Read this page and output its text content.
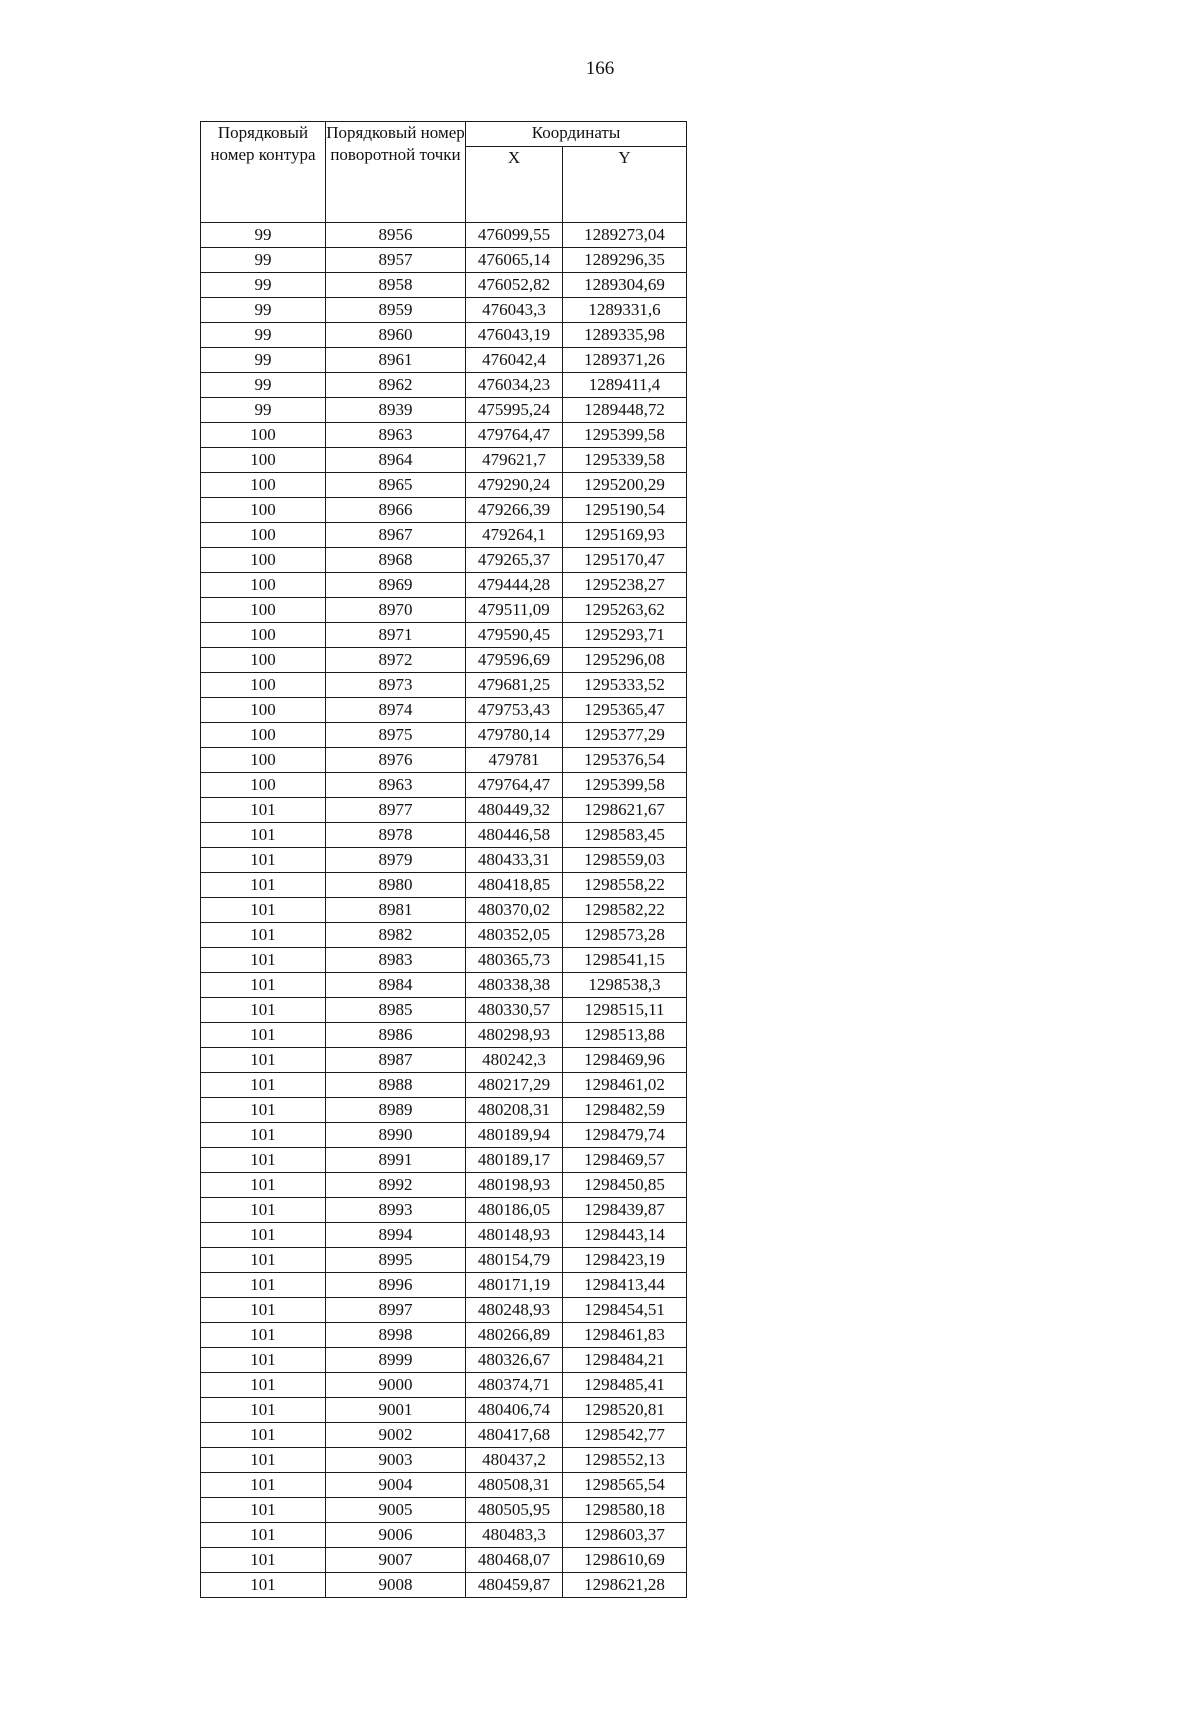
166
Порядковый номер контура	Порядковый номер поворотной точки	Координаты	
		X	Y
99	8956	476099,55	1289273,04
99	8957	476065,14	1289296,35
99	8958	476052,82	1289304,69
99	8959	476043,3	1289331,6
99	8960	476043,19	1289335,98
99	8961	476042,4	1289371,26
99	8962	476034,23	1289411,4
99	8939	475995,24	1289448,72
100	8963	479764,47	1295399,58
100	8964	479621,7	1295339,58
100	8965	479290,24	1295200,29
100	8966	479266,39	1295190,54
100	8967	479264,1	1295169,93
100	8968	479265,37	1295170,47
100	8969	479444,28	1295238,27
100	8970	479511,09	1295263,62
100	8971	479590,45	1295293,71
100	8972	479596,69	1295296,08
100	8973	479681,25	1295333,52
100	8974	479753,43	1295365,47
100	8975	479780,14	1295377,29
100	8976	479781	1295376,54
100	8963	479764,47	1295399,58
101	8977	480449,32	1298621,67
101	8978	480446,58	1298583,45
101	8979	480433,31	1298559,03
101	8980	480418,85	1298558,22
101	8981	480370,02	1298582,22
101	8982	480352,05	1298573,28
101	8983	480365,73	1298541,15
101	8984	480338,38	1298538,3
101	8985	480330,57	1298515,11
101	8986	480298,93	1298513,88
101	8987	480242,3	1298469,96
101	8988	480217,29	1298461,02
101	8989	480208,31	1298482,59
101	8990	480189,94	1298479,74
101	8991	480189,17	1298469,57
101	8992	480198,93	1298450,85
101	8993	480186,05	1298439,87
101	8994	480148,93	1298443,14
101	8995	480154,79	1298423,19
101	8996	480171,19	1298413,44
101	8997	480248,93	1298454,51
101	8998	480266,89	1298461,83
101	8999	480326,67	1298484,21
101	9000	480374,71	1298485,41
101	9001	480406,74	1298520,81
101	9002	480417,68	1298542,77
101	9003	480437,2	1298552,13
101	9004	480508,31	1298565,54
101	9005	480505,95	1298580,18
101	9006	480483,3	1298603,37
101	9007	480468,07	1298610,69
101	9008	480459,87	1298621,28
